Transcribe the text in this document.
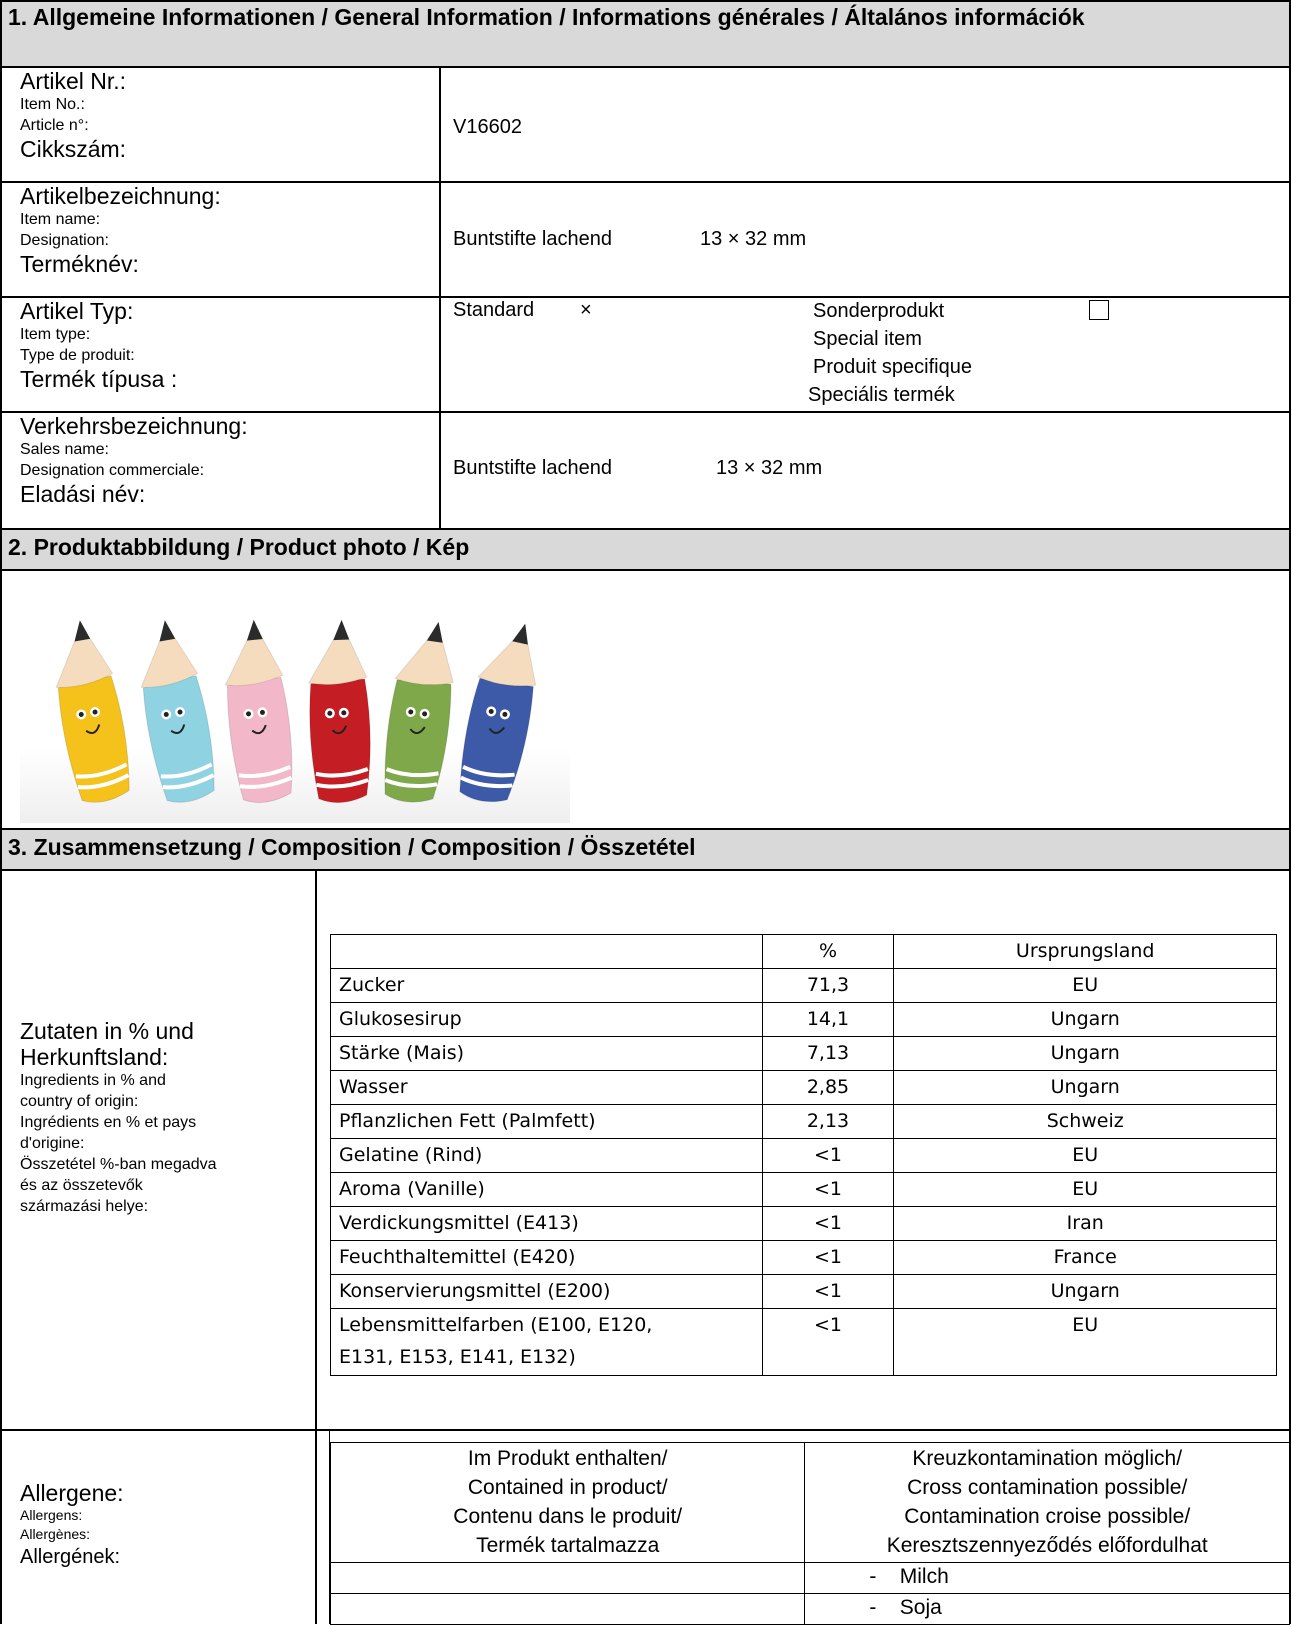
1. Allgemeine Informationen / General Information / Informations générales / Általános információk
Artikel Nr.:
Item No.:
Article n°:
Cikkszám:
V16602
Artikelbezeichnung:
Item name:
Designation:
Terméknév:
Buntstifte lachend	13 × 32 mm
Artikel Typ:
Item type:
Type de produit:
Termék típusa :
Standard ×	Sonderprodukt
Special item
Produit specifique
Speciális termék
Verkehrsbezeichnung:
Sales name:
Designation commerciale:
Eladási név:
Buntstifte lachend	13 × 32 mm
2. Produktabbildung / Product photo / Kép
3. Zusammensetzung / Composition / Composition / Összetétel
Zutaten in % und
Herkunftsland:
Ingredients in % and
country of origin:
Ingrédients en % et pays
d'origine:
Összetétel %-ban megadva
és az összetevők
származási helye:
	%	Ursprungsland
Zucker	71,3	EU
Glukosesirup	14,1	Ungarn
Stärke (Mais)	7,13	Ungarn
Wasser	2,85	Ungarn
Pflanzlichen Fett (Palmfett)	2,13	Schweiz
Gelatine (Rind)	<1	EU
Aroma (Vanille)	<1	EU
Verdickungsmittel (E413)	<1	Iran
Feuchthaltemittel (E420)	<1	France
Konservierungsmittel (E200)	<1	Ungarn
Lebensmittelfarben (E100, E120,
E131, E153, E141, E132)	<1	EU
Allergene:
Allergens:
Allergènes:
Allergének:
Im Produkt enthalten/
Contained in product/
Contenu dans le produit/
Termék tartalmazza	Kreuzkontamination möglich/
Cross contamination possible/
Contamination croise possible/
Keresztszennyeződés előfordulhat
	- Milch
	- Soja
